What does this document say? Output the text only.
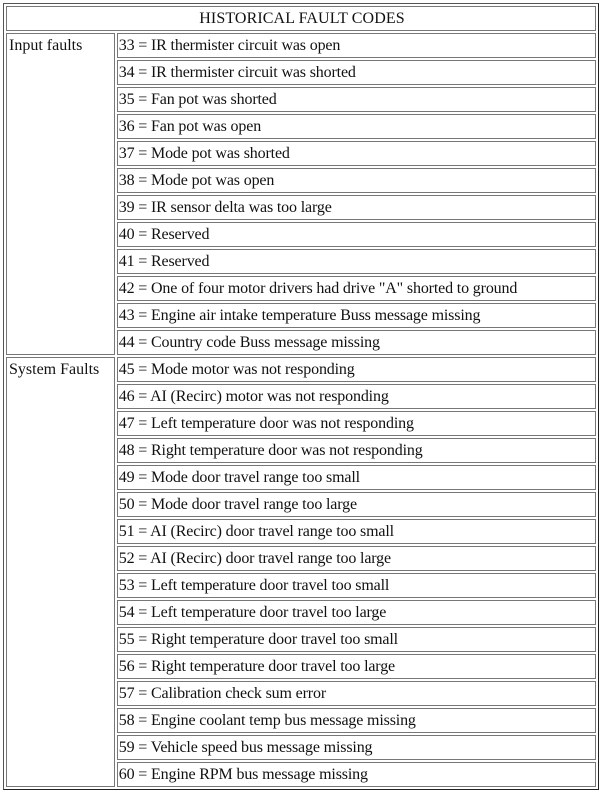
HISTORICAL FAULT CODES	
Input faults	33 = IR thermister circuit was open
	34 = IR thermister circuit was shorted
	35 = Fan pot was shorted
	36 = Fan pot was open
	37 = Mode pot was shorted
	38 = Mode pot was open
	39 = IR sensor delta was too large
	40 = Reserved
	41 = Reserved
	42 = One of four motor drivers had drive "A" shorted to ground
	43 = Engine air intake temperature Buss message missing
	44 = Country code Buss message missing
System Faults	45 = Mode motor was not responding
	46 = AI (Recirc) motor was not responding
	47 = Left temperature door was not responding
	48 = Right temperature door was not responding
	49 = Mode door travel range too small
	50 = Mode door travel range too large
	51 = AI (Recirc) door travel range too small
	52 = AI (Recirc) door travel range too large
	53 = Left temperature door travel too small
	54 = Left temperature door travel too large
	55 = Right temperature door travel too small
	56 = Right temperature door travel too large
	57 = Calibration check sum error
	58 = Engine coolant temp bus message missing
	59 = Vehicle speed bus message missing
	60 = Engine RPM bus message missing
